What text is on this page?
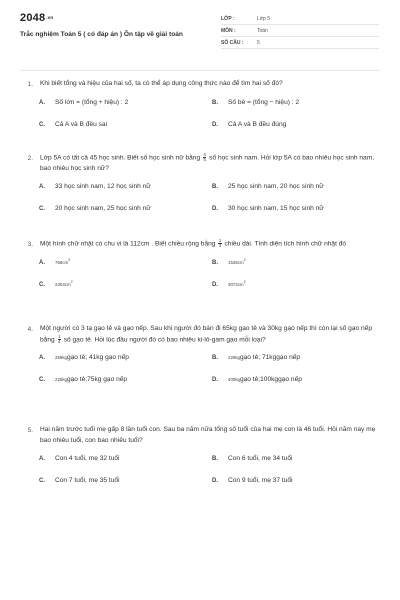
2048.vn
Trắc nghiệm Toán 5 ( có đáp án ) Ôn tập về giải toán
LỚP :	Lớp 5
MÔN :	Toán
SỐ CÂU :	5
1.	Khi biết tổng và hiệu của hai số, ta có thể áp dụng công thức nào để tìm hai số đó?
A.	Số lớn = (tổng + hiệu) : 2	B.	Số bé = (tổng − hiệu) : 2
C.	Cả A và B đều sai	D.	Cả A và B đều đúng
2.	Lớp 5A có tất cả 45 học sinh. Biết số học sinh nữ bằng $\frac{4}{5}$ số học sinh nam. Hỏi lớp 5A có bao nhiêu học sinh nam, bao nhiêu học sinh nữ?
A.	33 học sinh nam, 12 học sinh nữ	B.	25 học sinh nam, 20 học sinh nữ
C.	20 học sinh nam, 25 học sinh nữ	D.	30 học sinh nam, 15 học sinh nữ
3.	Một hình chữ nhật có chu vi là 112cm . Biết chiều rộng bằng $\frac{1}{3}$ chiều dài. Tính diện tích hình chữ nhật đó
A.	768cm2	B.	1536cm2
C.	2304cm2	D.	3072cm2
4.	Một người có 3 tạ gạo tẻ và gạo nếp. Sau khi người đó bán đi 65kg gạo tẻ và 30kg gạo nếp thì còn lại số gạo nếp bằng $\frac{1}{4}$ số gạo tẻ. Hỏi lúc đầu người đó có bao nhiêu ki-lô-gam gạo mỗi loại?
A.	259kg gạo tẻ; 41kg gạo nếp	B.	229kg gạo tẻ; 71kggạo nếp
C.	225kg gạo tẻ;75kg gạo nếp	D.	400kg gạo tẻ;100kggạo nếp
5.	Hai năm trước tuổi mẹ gấp 8 lần tuổi con. Sau ba năm nữa tổng số tuổi của hai mẹ con là 46 tuổi. Hỏi năm nay mẹ bao nhiêu tuổi, con bao nhiêu tuổi?
A.	Con 4 tuổi, mẹ 32 tuổi	B.	Con 6 tuổi, mẹ 34 tuổi
C.	Con 7 tuổi, mẹ 35 tuổi	D.	Con 9 tuổi, mẹ 37 tuổi
